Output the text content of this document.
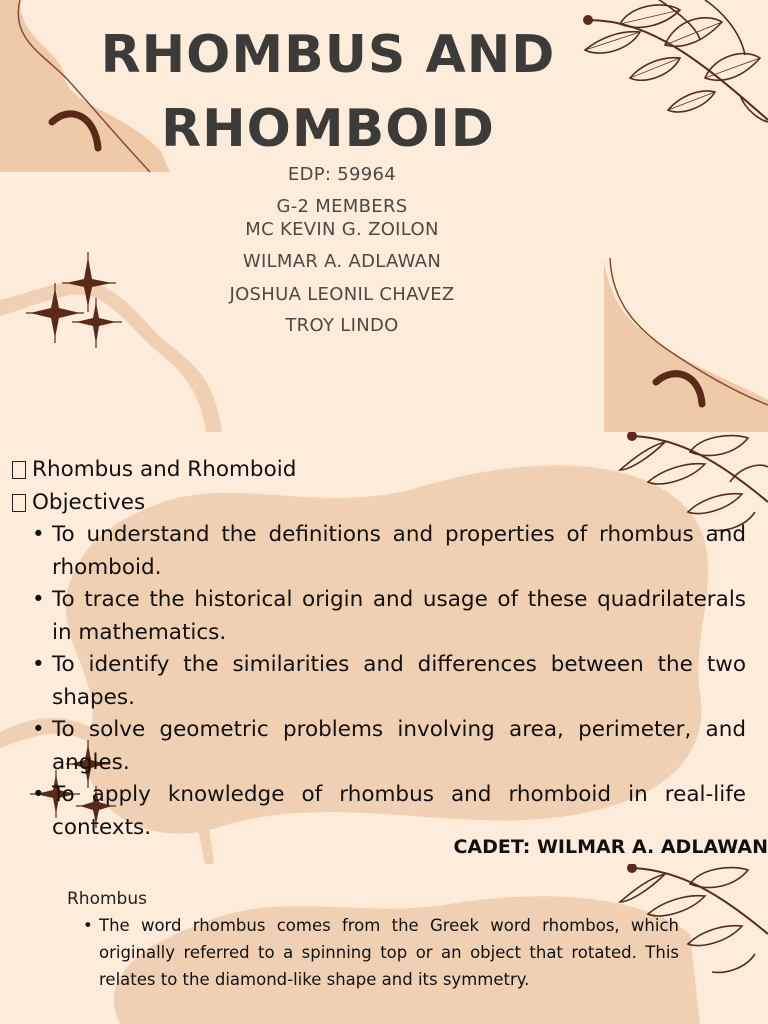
RHOMBUS AND
RHOMBOID
EDP: 59964
G-2 MEMBERS
MC KEVIN G. ZOILON
WILMAR A. ADLAWAN
JOSHUA LEONIL CHAVEZ
TROY LINDO
Rhombus and Rhomboid
Objectives
• To understand the definitions and properties of rhombus and rhomboid.
• To trace the historical origin and usage of these quadrilaterals in mathematics.
• To identify the similarities and differences between the two shapes.
• To solve geometric problems involving area, perimeter, and angles.
• To apply knowledge of rhombus and rhomboid in real-life contexts.
CADET: WILMAR A. ADLAWAN
Rhombus
• The word rhombus comes from the Greek word rhombos, which originally referred to a spinning top or an object that rotated. This relates to the diamond-like shape and its symmetry.
